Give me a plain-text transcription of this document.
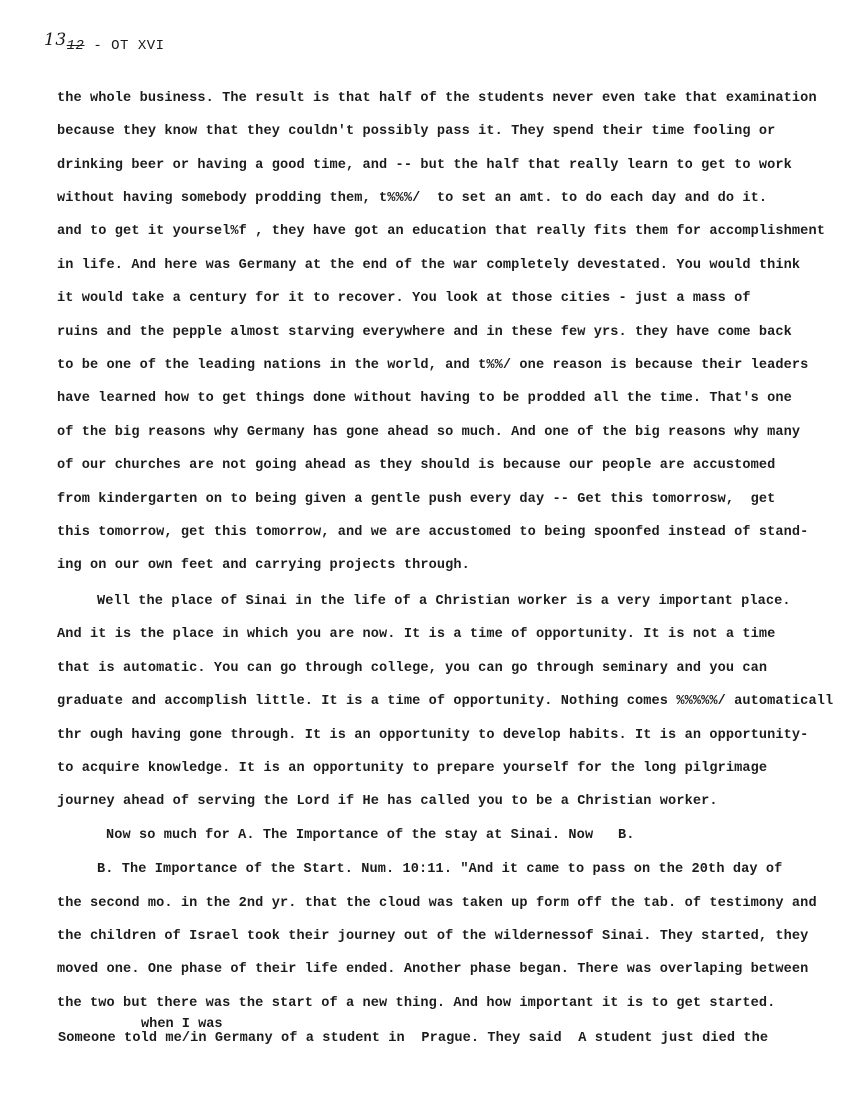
1312 - OT XVI
the whole business. The result is that half of the students never even take that examination
because they know that they couldn't possibly pass it. They spend their time fooling or
drinking beer or having a good time, and -- but the half that really learn to get to work
without having somebody prodding them, t%%%/  to set an amt. to do each day and do it.
and to get it yoursel%f , they have got an education that really fits them for accomplishment
in life. And here was Germany at the end of the war completely devestated. You would think
it would take a century for it to recover. You look at those cities - just a mass of
ruins and the pepple almost starving everywhere and in these few yrs. they have come back
to be one of the leading nations in the world, and t%%/ one reason is because their leaders
have learned how to get things done without having to be prodded all the time. That's one
of the big reasons why Germany has gone ahead so much. And one of the big reasons why many
of our churches are not going ahead as they should is because our people are accustomed
from kindergarten on to being given a gentle push every day -- Get this tomorrosw,  get
this tomorrow, get this tomorrow, and we are accustomed to being spoonfed instead of stand-
ing on our own feet and carrying projects through.
Well the place of Sinai in the life of a Christian worker is a very important place.
And it is the place in which you are now. It is a time of opportunity. It is not a time
that is automatic. You can go through college, you can go through seminary and you can
graduate and accomplish little. It is a time of opportunity. Nothing comes %%%%%/ automaticall
thr ough having gone through. It is an opportunity to develop habits. It is an opportunity-
to acquire knowledge. It is an opportunity to prepare yourself for the long pilgrimage
journey ahead of serving the Lord if He has called you to be a Christian worker.
Now so much for A. The Importance of the stay at Sinai. Now   B.
B. The Importance of the Start. Num. 10:11. "And it came to pass on the 20th day of
the second mo. in the 2nd yr. that the cloud was taken up form off the tab. of testimony and
the children of Israel took their journey out of the wildernessof Sinai. They started, they
moved one. One phase of their life ended. Another phase began. There was overlaping between
the two but there was the start of a new thing. And how important it is to get started.
when I was
Someone told me/in Germany of a student in  Prague. They said  A student just died the
